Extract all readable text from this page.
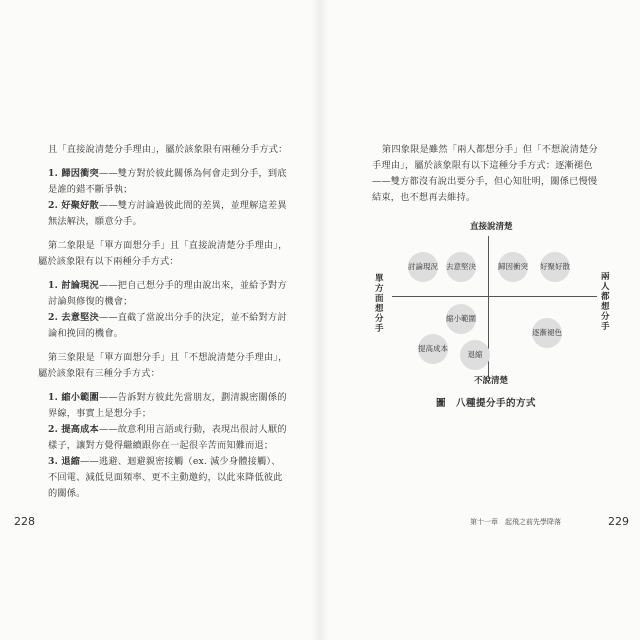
且「直接說清楚分手理由」，屬於該象限有兩種分手方式：
1. 歸因衝突——雙方對於彼此關係為何會走到分手，到底是誰的錯不斷爭執；
2. 好聚好散——雙方討論過彼此間的差異，並理解這差異無法解決，願意分手。
第二象限是「單方面想分手」且「直接說清楚分手理由」，屬於該象限有以下兩種分手方式：
1. 討論現況——把自己想分手的理由說出來，並給予對方討論與修復的機會；
2. 去意堅決——直截了當說出分手的決定，並不給對方討論和挽回的機會。
第三象限是「單方面想分手」且「不想說清楚分手理由」，屬於該象限有三種分手方式：
1. 縮小範圍——告訴對方彼此先當朋友，劃清親密關係的界線，事實上是想分手；
2. 提高成本——故意利用言語或行動，表現出很討人厭的樣子，讓對方覺得繼續跟你在一起很辛苦而知難而退；
3. 退縮——逃避、迴避親密接觸（ex. 減少身體接觸）、不回電、減低見面頻率、更不主動邀約，以此來降低彼此的關係。
228
第四象限是雖然「兩人都想分手」但「不想說清楚分手理由」，屬於該象限有以下這種分手方式：逐漸褪色——雙方都沒有說出要分手，但心知肚明，關係已慢慢結束，也不想再去維持。
直接說清楚
不說清楚
單方面想分手
兩人都想分手
討論現況 去意堅決	歸因衝突 好聚好散
縮小範圍
提高成本
退縮
逐漸褪色
圖　八種提分手的方式
第十一章　起飛之前先學降落	229
